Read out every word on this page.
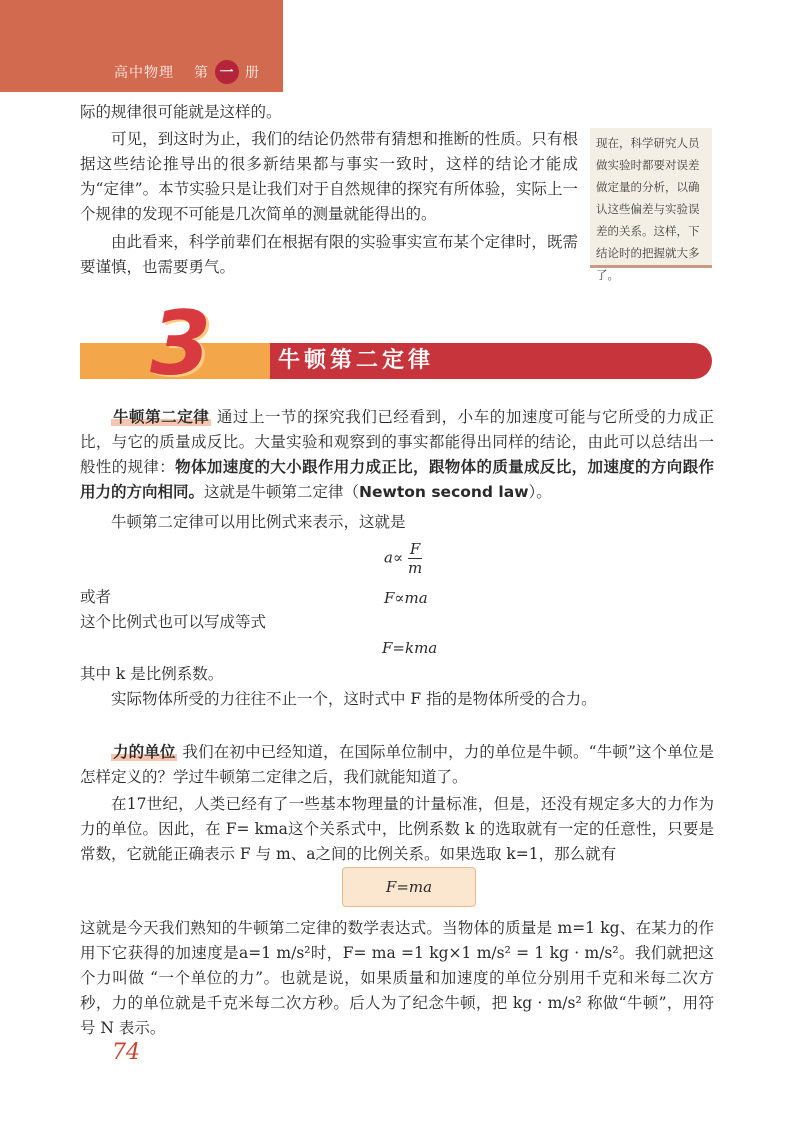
高中物理 第 一 册

际的规律很可能就是这样的。

可见，到这时为止，我们的结论仍然带有猜想和推断的性质。只有根据这些结论推导出的很多新结果都与事实一致时，这样的结论才能成为“定律”。本节实验只是让我们对于自然规律的探究有所体验，实际上一个规律的发现不可能是几次简单的测量就能得出的。

由此看来，科学前辈们在根据有限的实验事实宣布某个定律时，既需要谨慎，也需要勇气。

现在，科学研究人员做实验时都要对误差做定量的分析，以确认这些偏差与实验误差的关系。这样，下结论时的把握就大多了。
3	牛顿第二定律

牛顿第二定律 通过上一节的探究我们已经看到，小车的加速度可能与它所受的力成正比，与它的质量成反比。大量实验和观察到的事实都能得出同样的结论，由此可以总结出一般性的规律：物体加速度的大小跟作用力成正比，跟物体的质量成反比，加速度的方向跟作用力的方向相同。这就是牛顿第二定律（Newton second law）。

牛顿第二定律可以用比例式来表示，这就是

$a\propto \frac{F}{m}$

或者	F∝ma

这个比例式也可以写成等式

F=kma

其中 k 是比例系数。

实际物体所受的力往往不止一个，这时式中 F 指的是物体所受的合力。

力的单位 我们在初中已经知道，在国际单位制中，力的单位是牛顿。“牛顿”这个单位是怎样定义的？学过牛顿第二定律之后，我们就能知道了。

在17世纪，人类已经有了一些基本物理量的计量标准，但是，还没有规定多大的力作为力的单位。因此，在 F= kma这个关系式中，比例系数 k 的选取就有一定的任意性，只要是常数，它就能正确表示 F 与 m、a之间的比例关系。如果选取 k=1，那么就有

F=ma

这就是今天我们熟知的牛顿第二定律的数学表达式。当物体的质量是 m=1 kg、在某力的作用下它获得的加速度是a=1 m/s²时，F= ma =1 kg×1 m/s² = 1 kg · m/s²。我们就把这个力叫做 “一个单位的力”。也就是说，如果质量和加速度的单位分别用千克和米每二次方秒，力的单位就是千克米每二次方秒。后人为了纪念牛顿，把 kg · m/s² 称做“牛顿”，用符号 N 表示。

74
